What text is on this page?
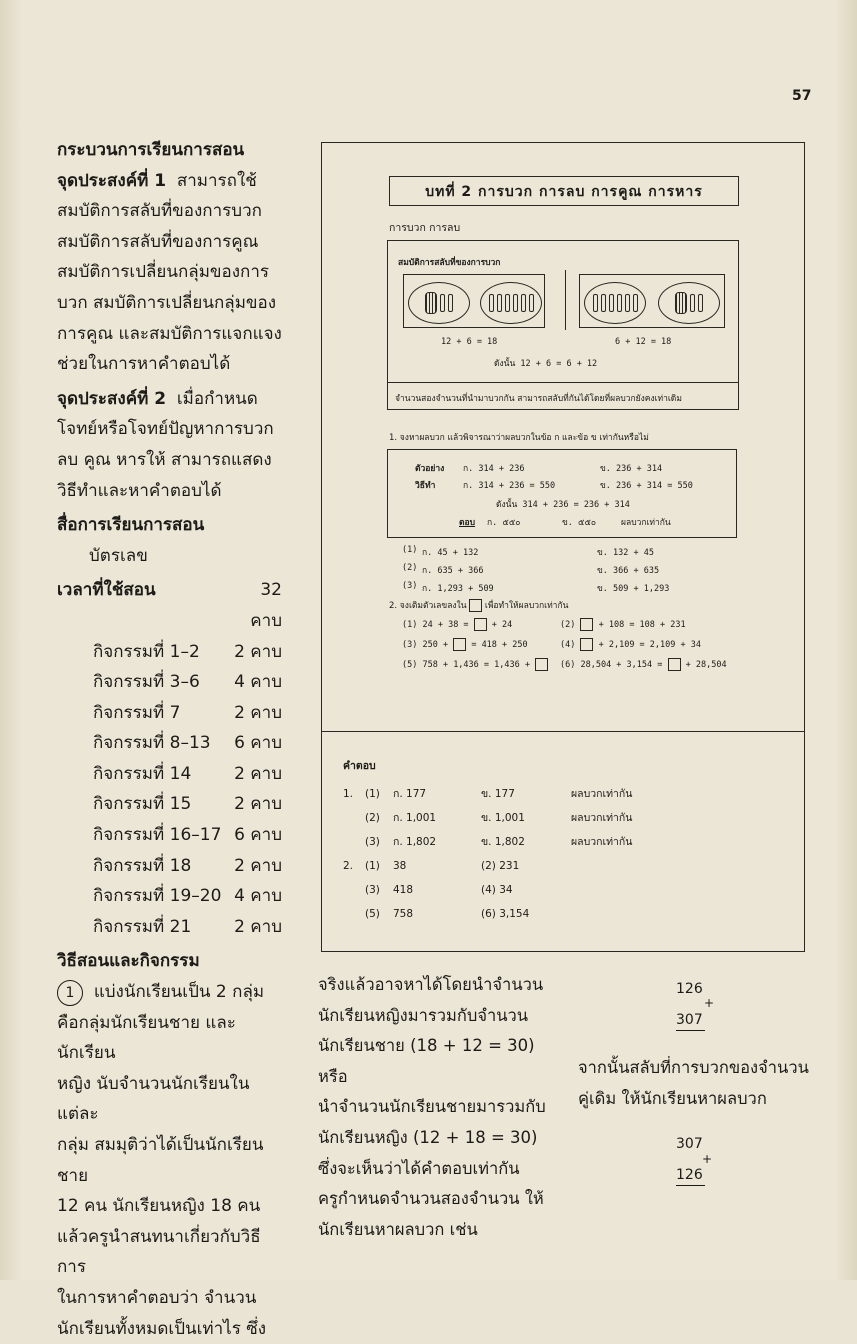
57

กระบวนการเรียนการสอน

จุดประสงค์ที่ 1 สามารถใช้

สมบัติการสลับที่ของการบวก

สมบัติการสลับที่ของการคูณ

สมบัติการเปลี่ยนกลุ่มของการ

บวก สมบัติการเปลี่ยนกลุ่มของ

การคูณ และสมบัติการแจกแจง

ช่วยในการหาคำตอบได้

จุดประสงค์ที่ 2 เมื่อกำหนด

โจทย์หรือโจทย์ปัญหาการบวก

ลบ คูณ หารให้ สามารถแสดง

วิธีทำและหาคำตอบได้

สื่อการเรียนการสอน

บัตรเลข

เวลาที่ใช้สอน	32 คาบ
กิจกรรมที่ 1–2	2 คาบ
กิจกรรมที่ 3–6	4 คาบ
กิจกรรมที่ 7	2 คาบ
กิจกรรมที่ 8–13	6 คาบ
กิจกรรมที่ 14	2 คาบ
กิจกรรมที่ 15	2 คาบ
กิจกรรมที่ 16–17 6 คาบ
กิจกรรมที่ 18	2 คาบ
กิจกรรมที่ 19–20 4 คาบ
กิจกรรมที่ 21	2 คาบ

วิธีสอนและกิจกรรม

1 แบ่งนักเรียนเป็น 2 กลุ่ม

คือกลุ่มนักเรียนชาย และนักเรียน

หญิง นับจำนวนนักเรียนในแต่ละ

กลุ่ม สมมุติว่าได้เป็นนักเรียนชาย

12 คน นักเรียนหญิง 18 คน

แล้วครูนำสนทนาเกี่ยวกับวิธีการ

ในการหาคำตอบว่า จำนวน

นักเรียนทั้งหมดเป็นเท่าไร ซึ่ง

บทที่ 2 การบวก การลบ การคูณ การหาร
การบวก การลบ
สมบัติการสลับที่ของการบวก
12 + 6 = 18	6 + 12 = 18
ดังนั้น 12 + 6 = 6 + 12
จำนวนสองจำนวนที่นำมาบวกกัน สามารถสลับที่กันได้โดยที่ผลบวกยังคงเท่าเดิม
1. จงหาผลบวก แล้วพิจารณาว่าผลบวกในข้อ ก และข้อ ข เท่ากันหรือไม่
ตัวอย่าง ก. 314 + 236	ข. 236 + 314
วิธีทำ	ก. 314 + 236 = 550	ข. 236 + 314 = 550
ดังนั้น 314 + 236 = 236 + 314
ตอบ ก. ๕๕๐	ข. ๕๕๐	ผลบวกเท่ากัน
(1) ก. 45 + 132	ข. 132 + 45
(2) ก. 635 + 366	ข. 366 + 635
(3) ก. 1,293 + 509	ข. 509 + 1,293
2. จงเติมตัวเลขลงใน เพื่อทำให้ผลบวกเท่ากัน
(1) 24 + 38 =	+ 24	(2)	+ 108 = 108 + 231
(3) 250 +	= 418 + 250	(4)	+ 2,109 = 2,109 + 34
(5) 758 + 1,436 = 1,436 +	(6) 28,504 + 3,154 =	+ 28,504
คำตอบ
1.	(1)	ก. 177	ข. 177	ผลบวกเท่ากัน
(2)	ก. 1,001	ข. 1,001	ผลบวกเท่ากัน
(3)	ก. 1,802	ข. 1,802	ผลบวกเท่ากัน
2.	(1)	38	(2) 231
(3)	418	(4) 34
(5)	758	(6) 3,154
จริงแล้วอาจหาได้โดยนำจำนวน
นักเรียนหญิงมารวมกับจำนวน
นักเรียนชาย (18 + 12 = 30) หรือ
นำจำนวนนักเรียนชายมารวมกับ
นักเรียนหญิง (12 + 18 = 30)
ซึ่งจะเห็นว่าได้คำตอบเท่ากัน
ครูกำหนดจำนวนสองจำนวน ให้
นักเรียนหาผลบวก เช่น
126
+
307
จากนั้นสลับที่การบวกของจำนวน
คู่เดิม ให้นักเรียนหาผลบวก
307
+
126
